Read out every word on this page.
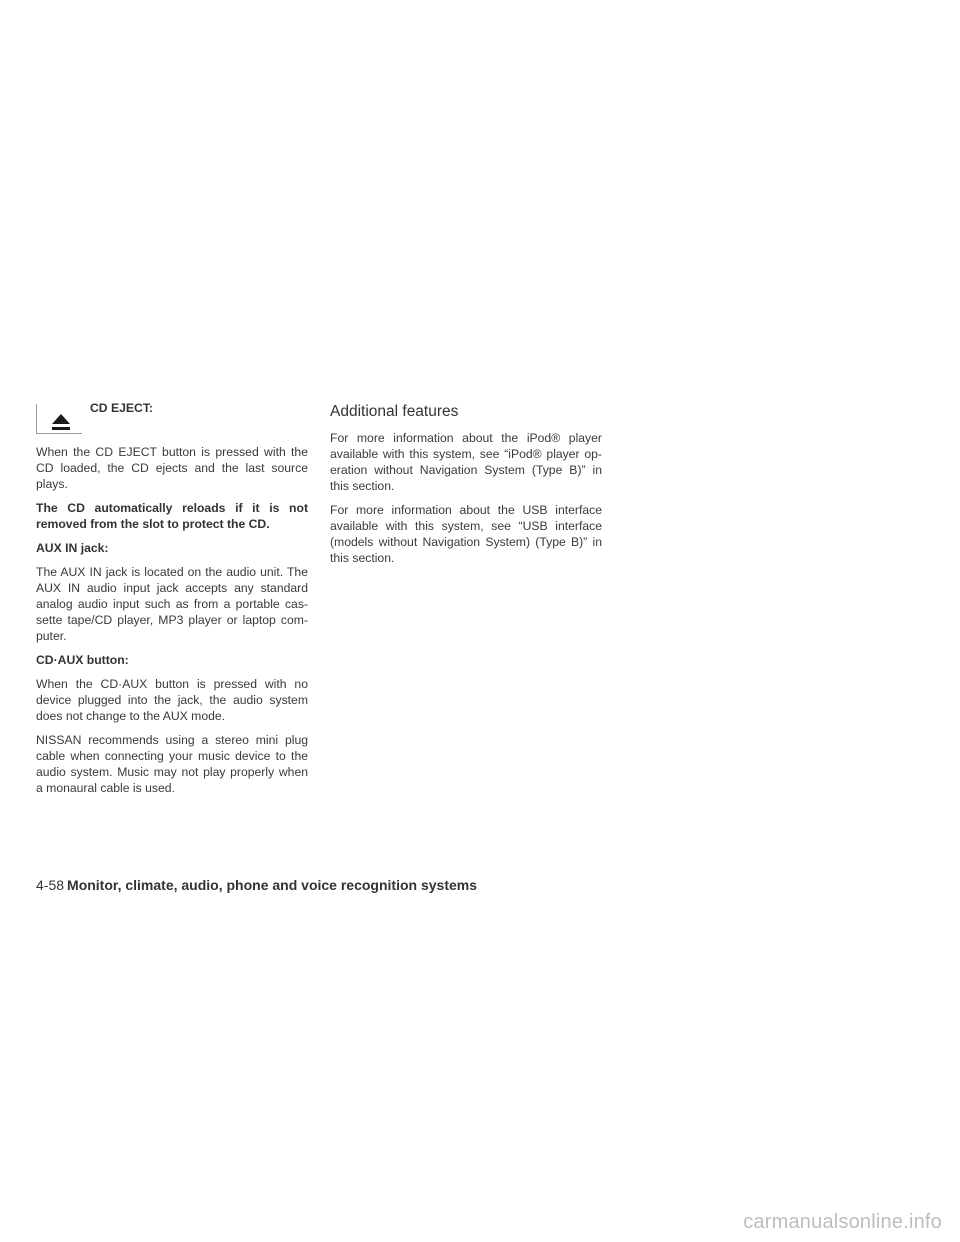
CD EJECT:

When the CD EJECT button is pressed with the CD loaded, the CD ejects and the last source plays.

The CD automatically reloads if it is not removed from the slot to protect the CD.

AUX IN jack:

The AUX IN jack is located on the audio unit. The AUX IN audio input jack accepts any standard analog audio input such as from a portable cas- sette tape/CD player, MP3 player or laptop com- puter.

CD·AUX button:

When the CD·AUX button is pressed with no device plugged into the jack, the audio system does not change to the AUX mode.

NISSAN recommends using a stereo mini plug cable when connecting your music device to the audio system. Music may not play properly when a monaural cable is used.

Additional features

For more information about the iPod® player available with this system, see “iPod® player op- eration without Navigation System (Type B)” in this section.

For more information about the USB interface available with this system, see “USB interface (models without Navigation System) (Type B)” in this section.

4-58 Monitor, climate, audio, phone and voice recognition systems
carmanualsonline.info
